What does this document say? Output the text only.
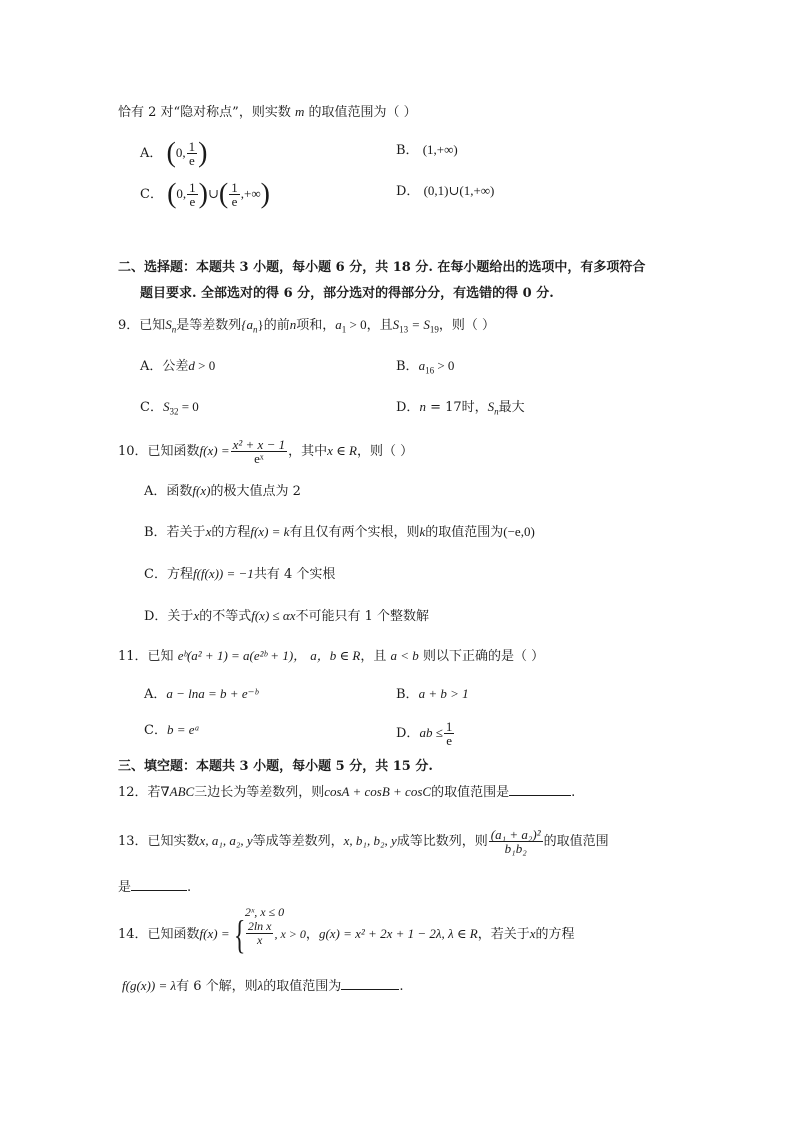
恰有 2 对“隐对称点”，则实数 m 的取值范围为（ ）
A． (0, $\frac{1}{e}$ )	B． (1,+∞)
C． (0, $\frac{1}{e}$ )∪( $\frac{1}{e}$ ,+∞)	D． (0,1)∪(1,+∞)
二、选择题：本题共 3 小题，每小题 6 分，共 18 分. 在每小题给出的选项中，有多项符合
题目要求. 全部选对的得 6 分，部分选对的得部分分，有选错的得 0 分.
9．已知$S_n$是等差数列$\{a_n\}$的前n项和，$a_1 > 0$，且$S_{13} = S_{19}$，则（ ）
A．公差d > 0	B．$a_{16} > 0$
C．$S_{32} = 0$	D．n = 17时，$S_n$最大
10．已知函数$f(x) = \frac{\text{x² + x − 1}}{\text{eˣ}}$ ，其中x ∈ R，则（ ）
A．函数f(x)的极大值点为 2
B．若关于x的方程f(x) = k有且仅有两个实根，则k的取值范围为(−e,0)
C．方程f(f(x)) = −1共有 4 个实根
D．关于x的不等式f(x) ≤ αx不可能只有 1 个整数解
11．已知 eᵇ(a² + 1) = a(e²ᵇ + 1)， a，b ∈ R，且 a < b 则以下正确的是（ ）
A．a − lna = b + e⁻ᵇ	B．a + b > 1
C．b = eᵃ	D．ab ≤ $\frac{1}{e}$
三、填空题：本题共 3 小题，每小题 5 分，共 15 分.
12．若∇ABC三边长为等差数列，则cosA + cosB + cosC的取值范围是	.
13．已知实数x, a₁, a₂, y等成等差数列，x, b₁, b₂, y成等比数列，则 $\frac{\text{(a₁ + a₂)²}}{\text{b₁b₂}}$ 的取值范围
是	.
14．已知函数f(x) ={ 2ˣ, x ≤ 0
$\frac{\text{2ln x}}{x}$ , x > 0 ，g(x) = x² + 2x + 1 − 2λ, λ ∈ R，若关于x的方程
f(g(x)) = λ有 6 个解，则λ的取值范围为	.
